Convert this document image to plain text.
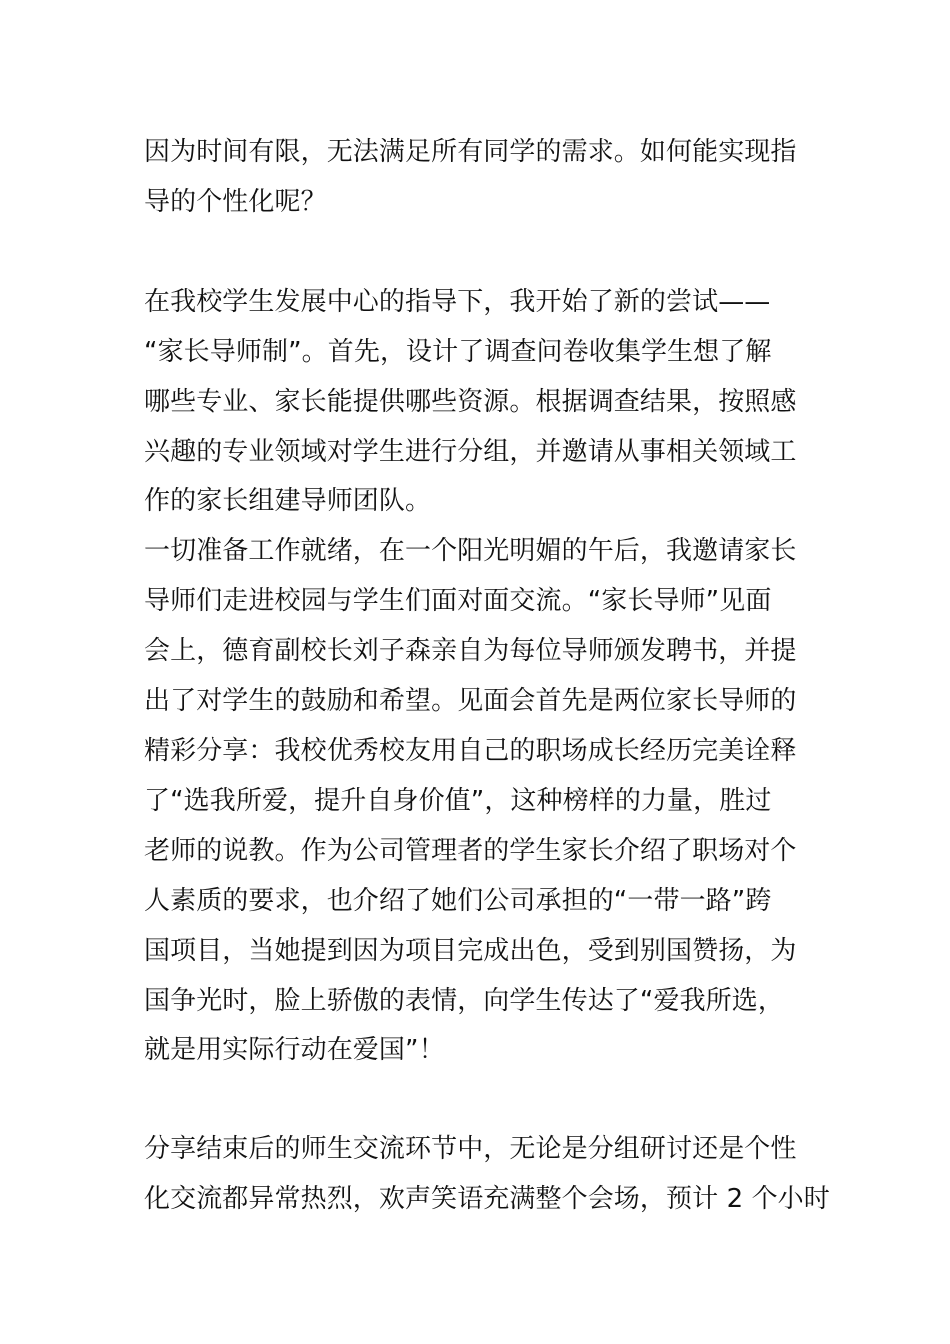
因为时间有限，无法满足所有同学的需求。如何能实现指
导的个性化呢？
在我校学生发展中心的指导下，我开始了新的尝试——
“家长导师制”。首先，设计了调查问卷收集学生想了解
哪些专业、家长能提供哪些资源。根据调查结果，按照感
兴趣的专业领域对学生进行分组，并邀请从事相关领域工
作的家长组建导师团队。
一切准备工作就绪，在一个阳光明媚的午后，我邀请家长
导师们走进校园与学生们面对面交流。“家长导师”见面
会上，德育副校长刘子森亲自为每位导师颁发聘书，并提
出了对学生的鼓励和希望。见面会首先是两位家长导师的
精彩分享：我校优秀校友用自己的职场成长经历完美诠释
了“选我所爱，提升自身价值”，这种榜样的力量，胜过
老师的说教。作为公司管理者的学生家长介绍了职场对个
人素质的要求，也介绍了她们公司承担的“一带一路”跨
国项目，当她提到因为项目完成出色，受到别国赞扬，为
国争光时，脸上骄傲的表情，向学生传达了“爱我所选，
就是用实际行动在爱国”！
分享结束后的师生交流环节中，无论是分组研讨还是个性
化交流都异常热烈，欢声笑语充满整个会场，预计 2 个小时
